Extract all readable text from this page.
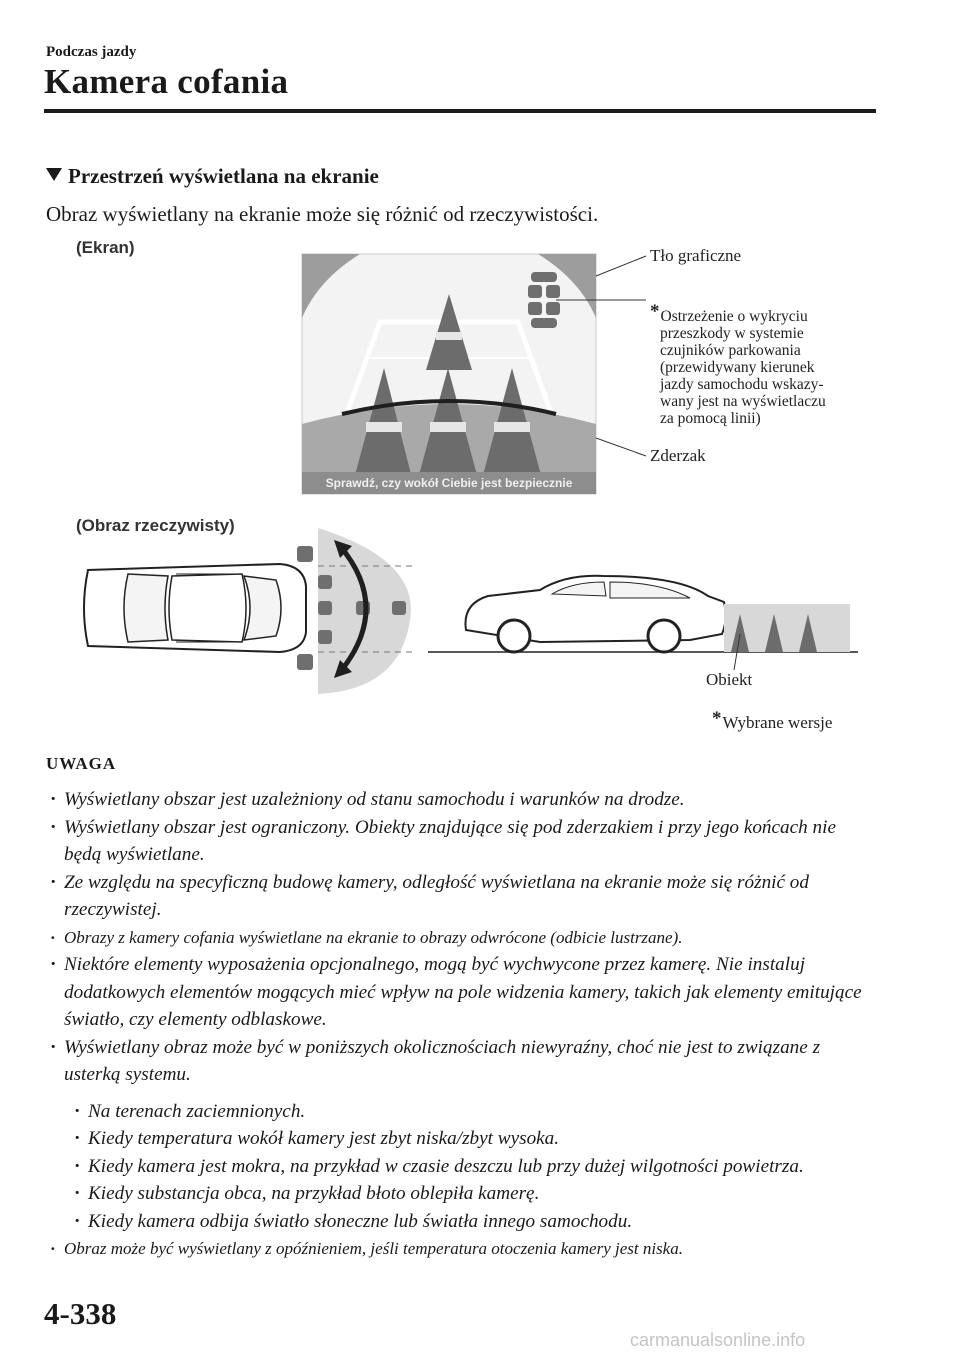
Podczas jazdy
Kamera cofania
Przestrzeń wyświetlana na ekranie
Obraz wyświetlany na ekranie może się różnić od rzeczywistości.
(Ekran)	Tło graficzne
*Ostrzeżenie o wykryciu
przeszkody w systemie
czujników parkowania
(przewidywany kierunek
jazdy samochodu wskazy-
wany jest na wyświetlaczu
za pomocą linii)
Zderzak
Sprawdź, czy wokół Ciebie jest bezpiecznie
(Obraz rzeczywisty)
Obiekt
*Wybrane wersje
UWAGA
· Wyświetlany obszar jest uzależniony od stanu samochodu i warunków na drodze.
· Wyświetlany obszar jest ograniczony. Obiekty znajdujące się pod zderzakiem i przy jego końcach nie będą wyświetlane.
· Ze względu na specyficzną budowę kamery, odległość wyświetlana na ekranie może się różnić od rzeczywistej.
· Obrazy z kamery cofania wyświetlane na ekranie to obrazy odwrócone (odbicie lustrzane).
· Niektóre elementy wyposażenia opcjonalnego, mogą być wychwycone przez kamerę. Nie instaluj dodatkowych elementów mogących mieć wpływ na pole widzenia kamery, takich jak elementy emitujące światło, czy elementy odblaskowe.
· Wyświetlany obraz może być w poniższych okolicznościach niewyraźny, choć nie jest to związane z usterką systemu.
· Na terenach zaciemnionych.
· Kiedy temperatura wokół kamery jest zbyt niska/zbyt wysoka.
· Kiedy kamera jest mokra, na przykład w czasie deszczu lub przy dużej wilgotności powietrza.
· Kiedy substancja obca, na przykład błoto oblepiła kamerę.
· Kiedy kamera odbija światło słoneczne lub światła innego samochodu.
· Obraz może być wyświetlany z opóźnieniem, jeśli temperatura otoczenia kamery jest niska.
4-338
carmanualsonline.info
